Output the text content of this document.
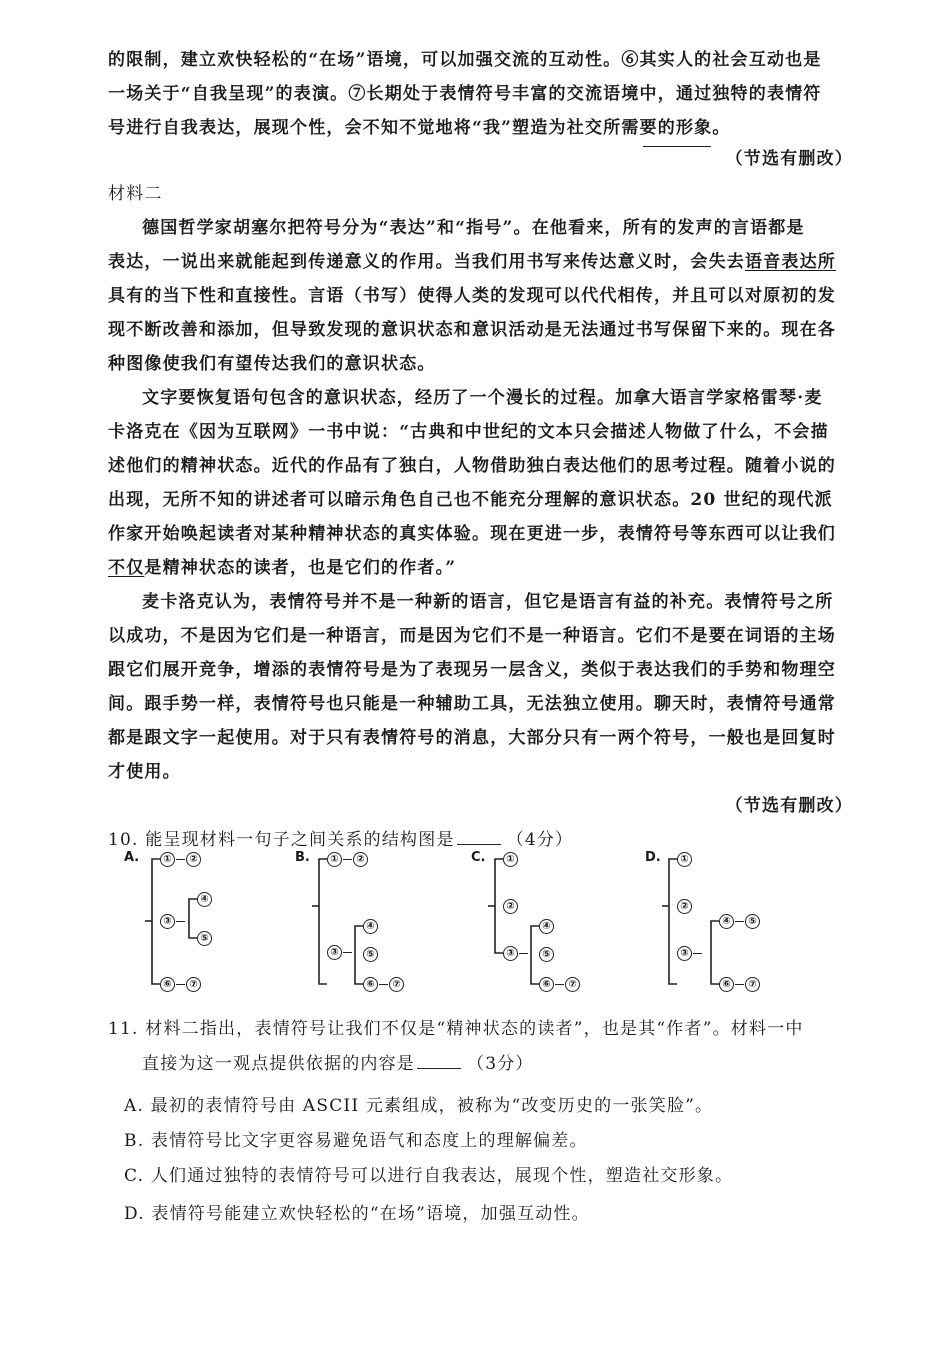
的限制，建立欢快轻松的“在场”语境，可以加强交流的互动性。⑥其实人的社会互动也是
一场关于“自我呈现”的表演。⑦长期处于表情符号丰富的交流语境中，通过独特的表情符
号进行自我表达，展现个性，会不知不觉地将“我”塑造为社交所需要的形象。
（节选有删改）
材料二
德国哲学家胡塞尔把符号分为“表达”和“指号”。在他看来，所有的发声的言语都是
表达，一说出来就能起到传递意义的作用。当我们用书写来传达意义时，会失去语音表达所
具有的当下性和直接性。言语（书写）使得人类的发现可以代代相传，并且可以对原初的发
现不断改善和添加，但导致发现的意识状态和意识活动是无法通过书写保留下来的。现在各
种图像使我们有望传达我们的意识状态。
文字要恢复语句包含的意识状态，经历了一个漫长的过程。加拿大语言学家格雷琴·麦
卡洛克在《因为互联网》一书中说：“古典和中世纪的文本只会描述人物做了什么，不会描
述他们的精神状态。近代的作品有了独白，人物借助独白表达他们的思考过程。随着小说的
出现，无所不知的讲述者可以暗示角色自己也不能充分理解的意识状态。20 世纪的现代派
作家开始唤起读者对某种精神状态的真实体验。现在更进一步，表情符号等东西可以让我们
不仅是精神状态的读者，也是它们的作者。”
麦卡洛克认为，表情符号并不是一种新的语言，但它是语言有益的补充。表情符号之所
以成功，不是因为它们是一种语言，而是因为它们不是一种语言。它们不是要在词语的主场
跟它们展开竞争，增添的表情符号是为了表现另一层含义，类似于表达我们的手势和物理空
间。跟手势一样，表情符号也只能是一种辅助工具，无法独立使用。聊天时，表情符号通常
都是跟文字一起使用。对于只有表情符号的消息，大部分只有一两个符号，一般也是回复时
才使用。
（节选有删改）
10. 能呈现材料一句子之间关系的结构图是	（4分）
A.	B.	C.	D.
① ②
③
④
⑤
⑥ ⑦
① ②
③
④
⑤
⑥ ⑦
①
②
③
④
⑤
⑥ ⑦
①
②
③
④ ⑤
⑥ ⑦
11. 材料二指出，表情符号让我们不仅是“精神状态的读者”，也是其“作者”。材料一中
直接为这一观点提供依据的内容是	（3分）
A. 最初的表情符号由 ASCII 元素组成，被称为“改变历史的一张笑脸”。
B. 表情符号比文字更容易避免语气和态度上的理解偏差。
C. 人们通过独特的表情符号可以进行自我表达，展现个性，塑造社交形象。
D. 表情符号能建立欢快轻松的“在场”语境，加强互动性。
